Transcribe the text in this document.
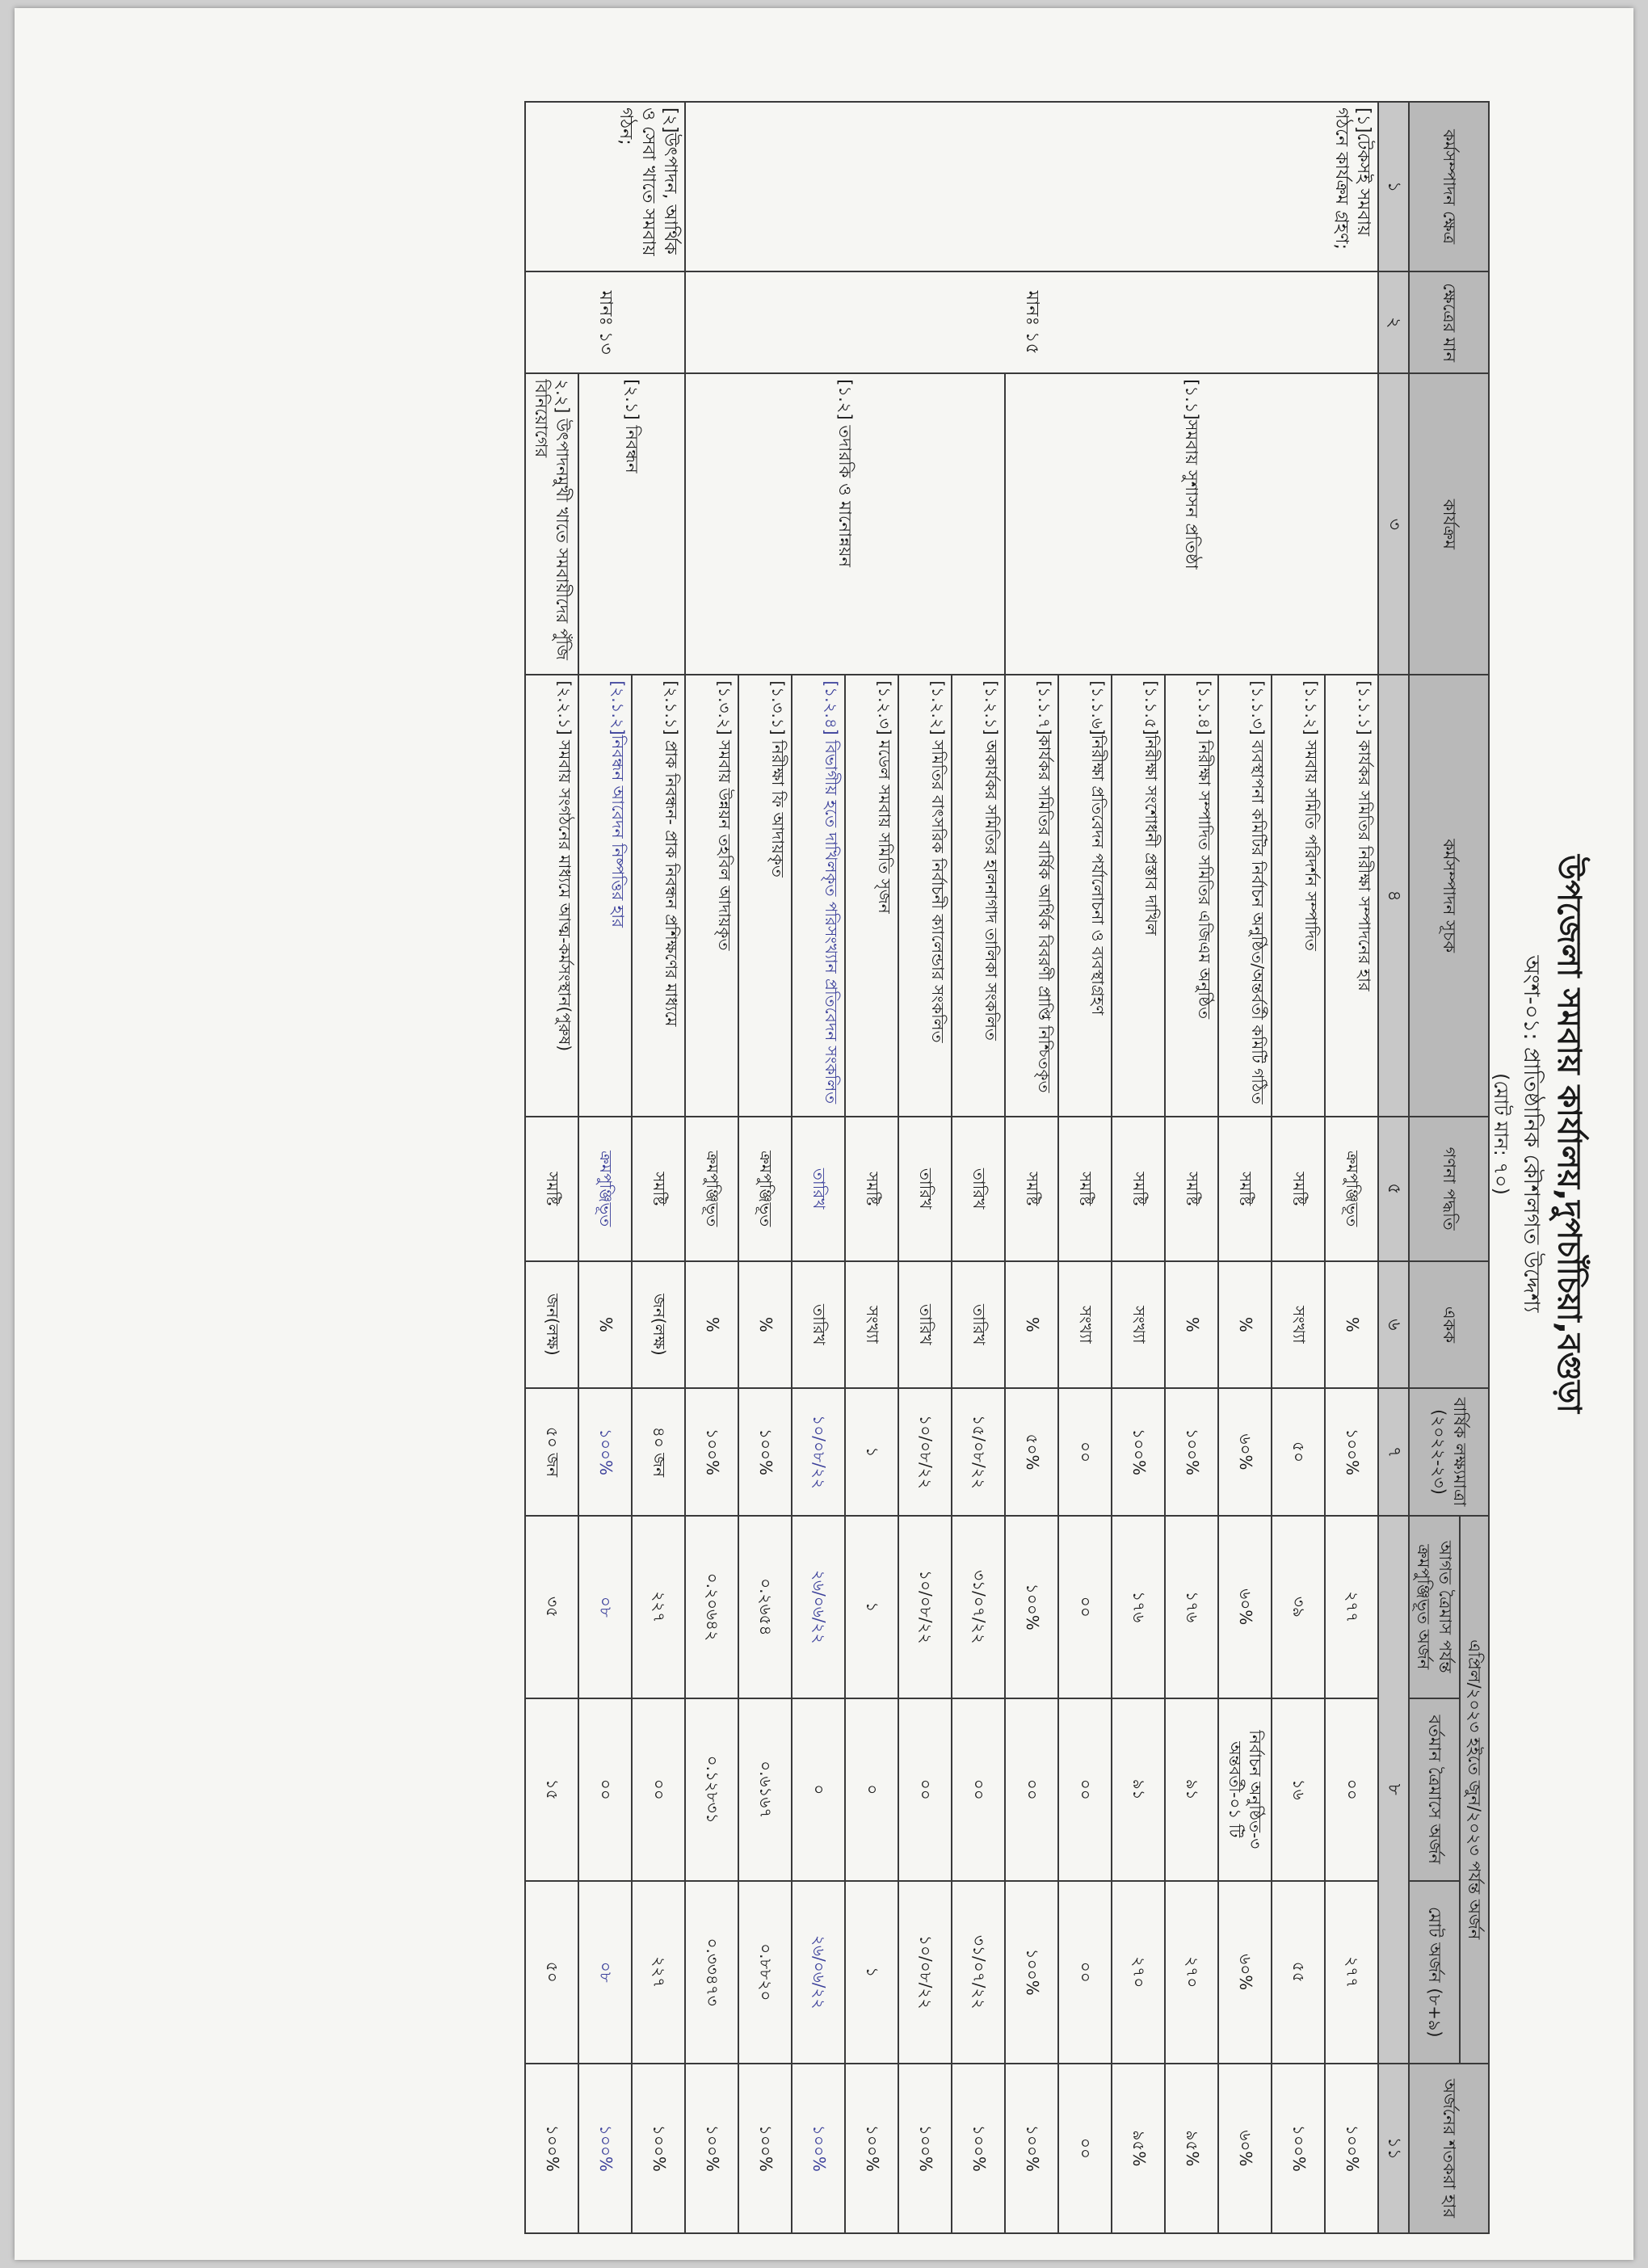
উপজেলা সমবায় কার্যালয়,দুপচাঁচিয়া,বগুড়া
অংশ-০১: প্রাতিষ্ঠানিক কৌশলগত উদ্দেশ্য
(মোট মান: ৭০)
কর্মসম্পাদন ক্ষেত্র	ক্ষেত্রের মান	কার্যক্রম	কর্মসম্পাদন সূচক	গণনা পদ্ধতি	একক	বার্ষিক লক্ষ্যমাত্রা (২০২২-২৩)	এপ্রিল/২০২৩ হইতে জুন/২০২৩ পর্যন্ত অর্জন			অর্জনের শতকরা হার
							আগত ত্রৈমাস পর্যন্ত ক্রমপুঞ্জিভূত অর্জন	বর্তমান ত্রৈমাসে অর্জন	মোট অর্জন (৮+৯)	
১	২	৩	৪	৫	৬	৭	৮			১১
[১]টেকসই সমবায় গঠনে কার্যক্রম গ্রহণ;	মানঃ ১৫	[১.১]সমবায় সুশাসন প্রতিষ্ঠা	[১.১.১] কার্যকর সমিতির নিরীক্ষা সম্পাদনের হার	ক্রমপুঞ্জিভূত	%	১০০%	২৭৭	০০	২৭৭	১০০%
			[১.১.২] সমবায় সমিতি পরিদর্শন সম্পাদিত	সমষ্টি	সংখ্যা	৫০	৩৯	১৬	৫৫	১০০%
			[১.১.৩] ব্যবস্থাপনা কমিটির নির্বাচন অনুষ্ঠিত/অন্তর্বর্তী কমিটি গঠিত	সমষ্টি	%	৬০%	৬০%	নির্বাচন অনুষ্ঠিত-৩ অন্তবর্তী-০১ টি	৬০%	৬০%
			[১.১.৪] নিরীক্ষা সম্পাদিত সমিতির এজিএম অনুষ্ঠিত	সমষ্টি	%	১০০%	১৭৬	৯১	২৭০	৯৫%
			[১.১.৫]নিরীক্ষা সংশোধনী প্রস্তাব দাখিল	সমষ্টি	সংখ্যা	১০০%	১৭৬	৯১	২৭০	৯৫%
			[১.১.৬]নিরীক্ষা প্রতিবেদন পর্যালোচনা ও ব্যবস্থাগ্রহণ	সমষ্টি	সংখ্যা	০০	০০	০০	০০	০০
			[১.১.৭]কার্যকর সমিতির বার্ষিক আর্থিক বিবরণী প্রাপ্তি নিশ্চিতকৃত	সমষ্টি	%	৫০%	১০০%	০০	১০০%	১০০%
		[১.২] তদারকি ও মানোন্নয়ন	[১.২.১] অকার্যকর সমিতির হালনাগাদ তালিকা সংকলিত	তারিখ	তারিখ	১৫/০৮/২২	৩১/০৭/২২	০০	৩১/০৭/২২	১০০%
			[১.২.২] সমিতির বাৎসরিক নির্বাচনী ক্যালেন্ডার সংকলিত	তারিখ	তারিখ	১০/০৮/২২	১০/০৮/২২	০০	১০/০৮/২২	১০০%
			[১.২.৩] মডেল সমবায় সমিতি সৃজন	সমষ্টি	সংখ্যা	১	১	০	১	১০০%
			[১.২.৪] বিভাগীয় হতে দাখিলকৃত পরিসংখ্যান প্রতিবেদন সংকলিত	তারিখ	তারিখ	১০/০৮/২২	২৬/০৬/২২	০	২৬/০৬/২২	১০০%
			[১.৩.১] নিরীক্ষা ফি আদায়কৃত	ক্রমপুঞ্জিভূত	%	১০০%	০.২৬৫৪	০.৬১৬৭	০.৮৮২০	১০০%
			[১.৩.২] সমবায় উন্নয়ন তহবিল আদায়কৃত	ক্রমপুঞ্জিভূত	%	১০০%	০.২০৬৪২	০.১২৮৩১	০.৩৩৪৭৩	১০০%
[২]উৎপাদন, আর্থিক ও সেবা খাতে সমবায় গঠন;	মানঃ ১৩	[২.১] নিবন্ধন	[২.১.১] প্রাক নিবন্ধন- প্রাক নিবন্ধন প্রশিক্ষণের মাধ্যমে	সমষ্টি	জন(লক্ষ)	৪০ জন	২২৭	০০	২২৭	১০০%
			[২.১.২]নিবন্ধন আবেদন নিষ্পত্তির হার	ক্রমপুঞ্জিভূত	%	১০০%	০৮	০০	০৮	১০০%
		২.২] উৎপাদনমুখী খাতে সমবায়ীদের পুঁজি বিনিয়োগের	[২.২.১] সমবায় সংগঠনের মাধ্যমে আত্ম-কর্মসংস্থান(পুরুষ)	সমষ্টি	জন(লক্ষ)	৫০ জন	৩৫	১৫	৫০	১০০%
